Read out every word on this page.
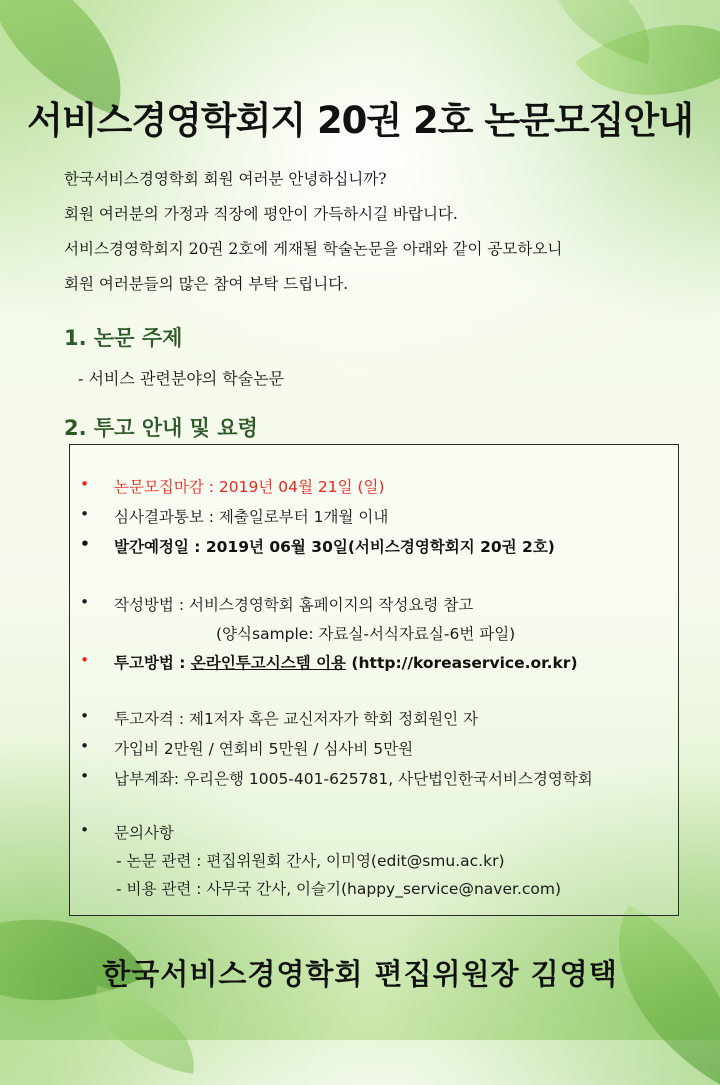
서비스경영학회지 20권 2호 논문모집안내

한국서비스경영학회 회원 여러분 안녕하십니까?

회원 여러분의 가정과 직장에 평안이 가득하시길 바랍니다.

서비스경영학회지 20권 2호에 게재될 학술논문을 아래와 같이 공모하오니

회원 여러분들의 많은 참여 부탁 드립니다.

1. 논문 주제
- 서비스 관련분야의 학술논문
2. 투고 안내 및 요령
• 논문모집마감 : 2019년 04월 21일 (일)
• 심사결과통보 : 제출일로부터 1개월 이내
• 발간예정일 : 2019년 06월 30일(서비스경영학회지 20권 2호)
• 작성방법 : 서비스경영학회 홈페이지의 작성요령 참고
(양식sample: 자료실-서식자료실-6번 파일)
• 투고방법 : 온라인투고시스템 이용 (http://koreaservice.or.kr)
• 투고자격 : 제1저자 혹은 교신저자가 학회 정회원인 자
• 가입비 2만원 / 연회비 5만원 / 심사비 5만원
• 납부계좌: 우리은행 1005-401-625781, 사단법인한국서비스경영학회
• 문의사항
- 논문 관련 : 편집위원회 간사, 이미영(edit@smu.ac.kr)
- 비용 관련 : 사무국 간사, 이슬기(happy_service@naver.com)
한국서비스경영학회 편집위원장 김영택
